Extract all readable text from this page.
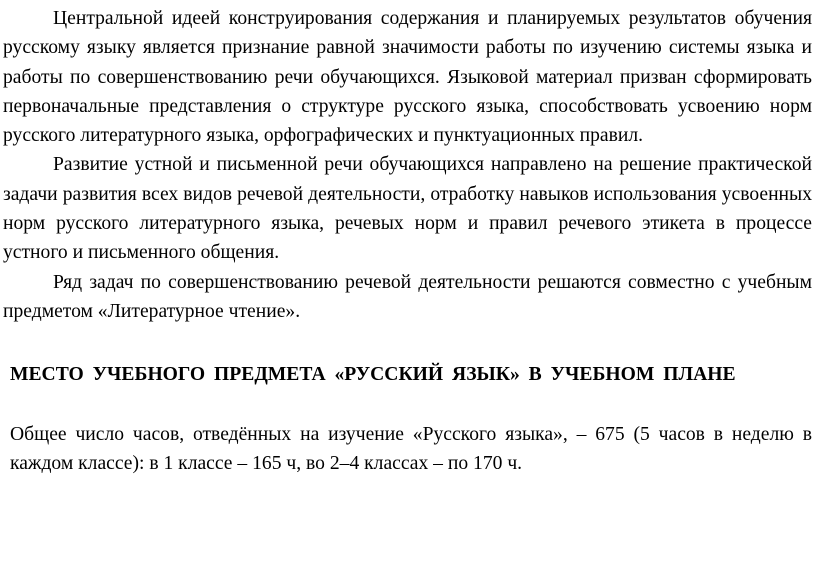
Центральной идеей конструирования содержания и планируемых результатов обучения русскому языку является признание равной значимости работы по изучению системы языка и работы по совершенствованию речи обучающихся. Языковой материал призван сформировать первоначальные представления о структуре русского языка, способствовать усвоению норм русского литературного языка, орфографических и пунктуационных правил.

Развитие устной и письменной речи обучающихся направлено на решение практической задачи развития всех видов речевой деятельности, отработку навыков использования усвоенных норм русского литературного языка, речевых норм и правил речевого этикета в процессе устного и письменного общения.

Ряд задач по совершенствованию речевой деятельности решаются совместно с учебным предметом «Литературное чтение».

МЕСТО УЧЕБНОГО ПРЕДМЕТА «РУССКИЙ ЯЗЫК» В УЧЕБНОМ ПЛАНЕ

Общее число часов, отведённых на изучение «Русского языка», – 675 (5 часов в неделю в каждом классе): в 1 классе – 165 ч, во 2–4 классах – по 170 ч.
